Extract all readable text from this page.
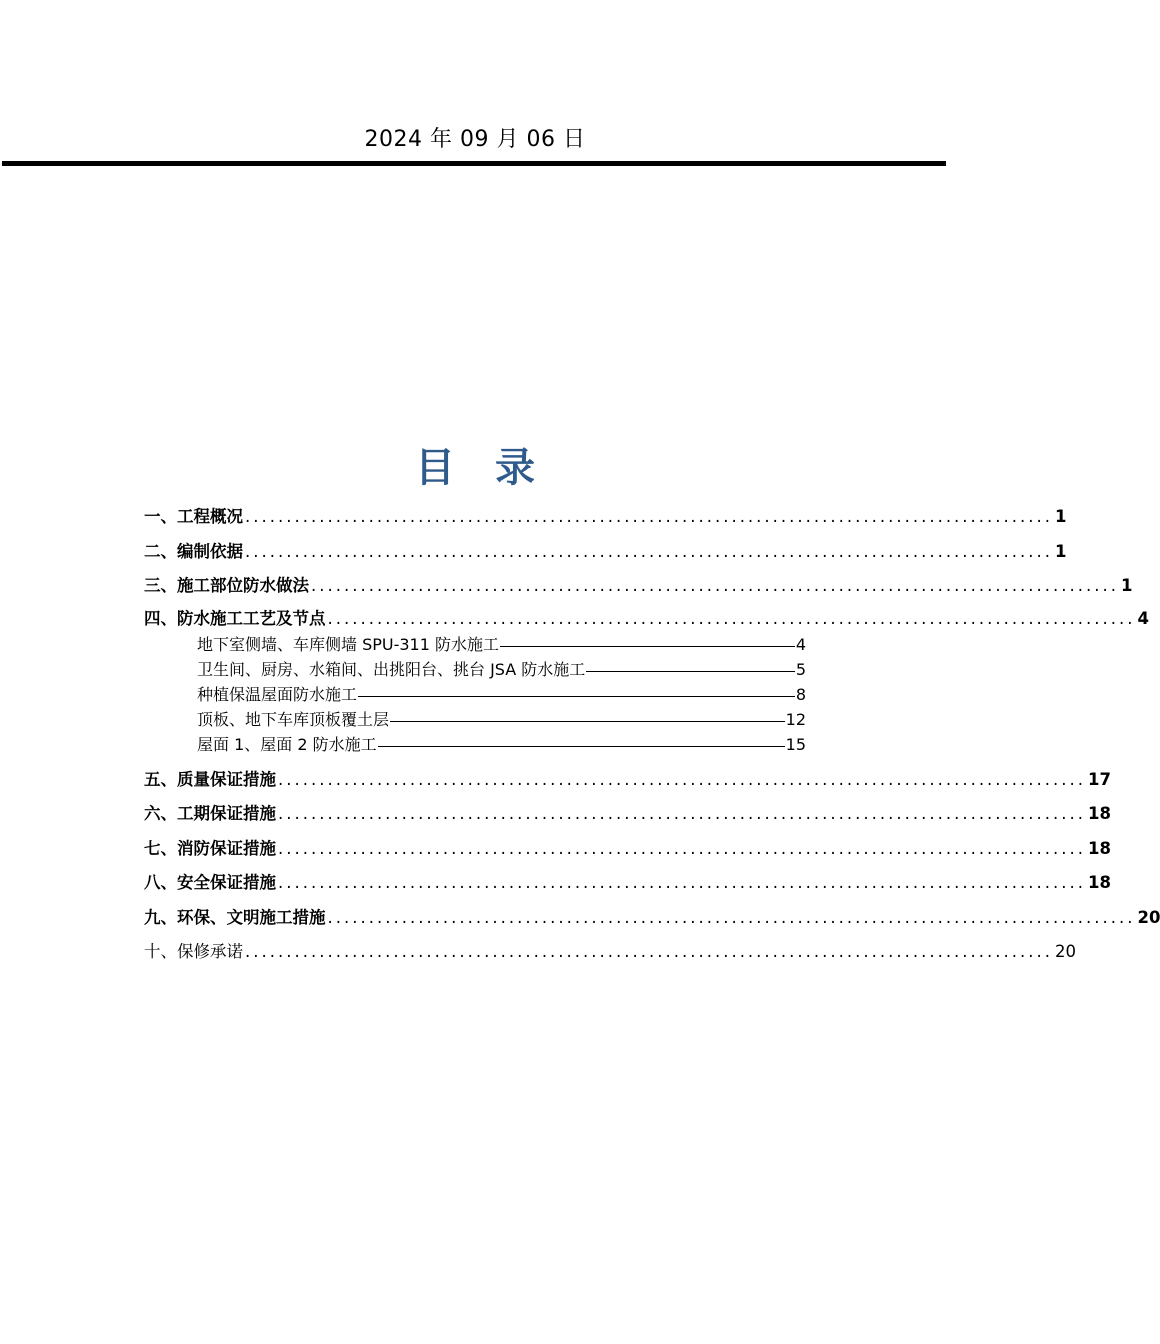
2024 年 09 月 06 日
目录
一、工程概况 .................................................................................................. 1
二、编制依据 .................................................................................................. 1
三、施工部位防水做法 .................................................................................................. 1
四、防水施工工艺及节点 .................................................................................................. 4
地下室侧墙、车库侧墙 SPU-311 防水施工	4
卫生间、厨房、水箱间、出挑阳台、挑台 JSA 防水施工	5
种植保温屋面防水施工	8
顶板、地下车库顶板覆土层	12
屋面 1、屋面 2 防水施工	15
五、质量保证措施 .................................................................................................. 17
六、工期保证措施 .................................................................................................. 18
七、消防保证措施 .................................................................................................. 18
八、安全保证措施 .................................................................................................. 18
九、环保、文明施工措施 .................................................................................................. 20
十、保修承诺 .................................................................................................. 20
